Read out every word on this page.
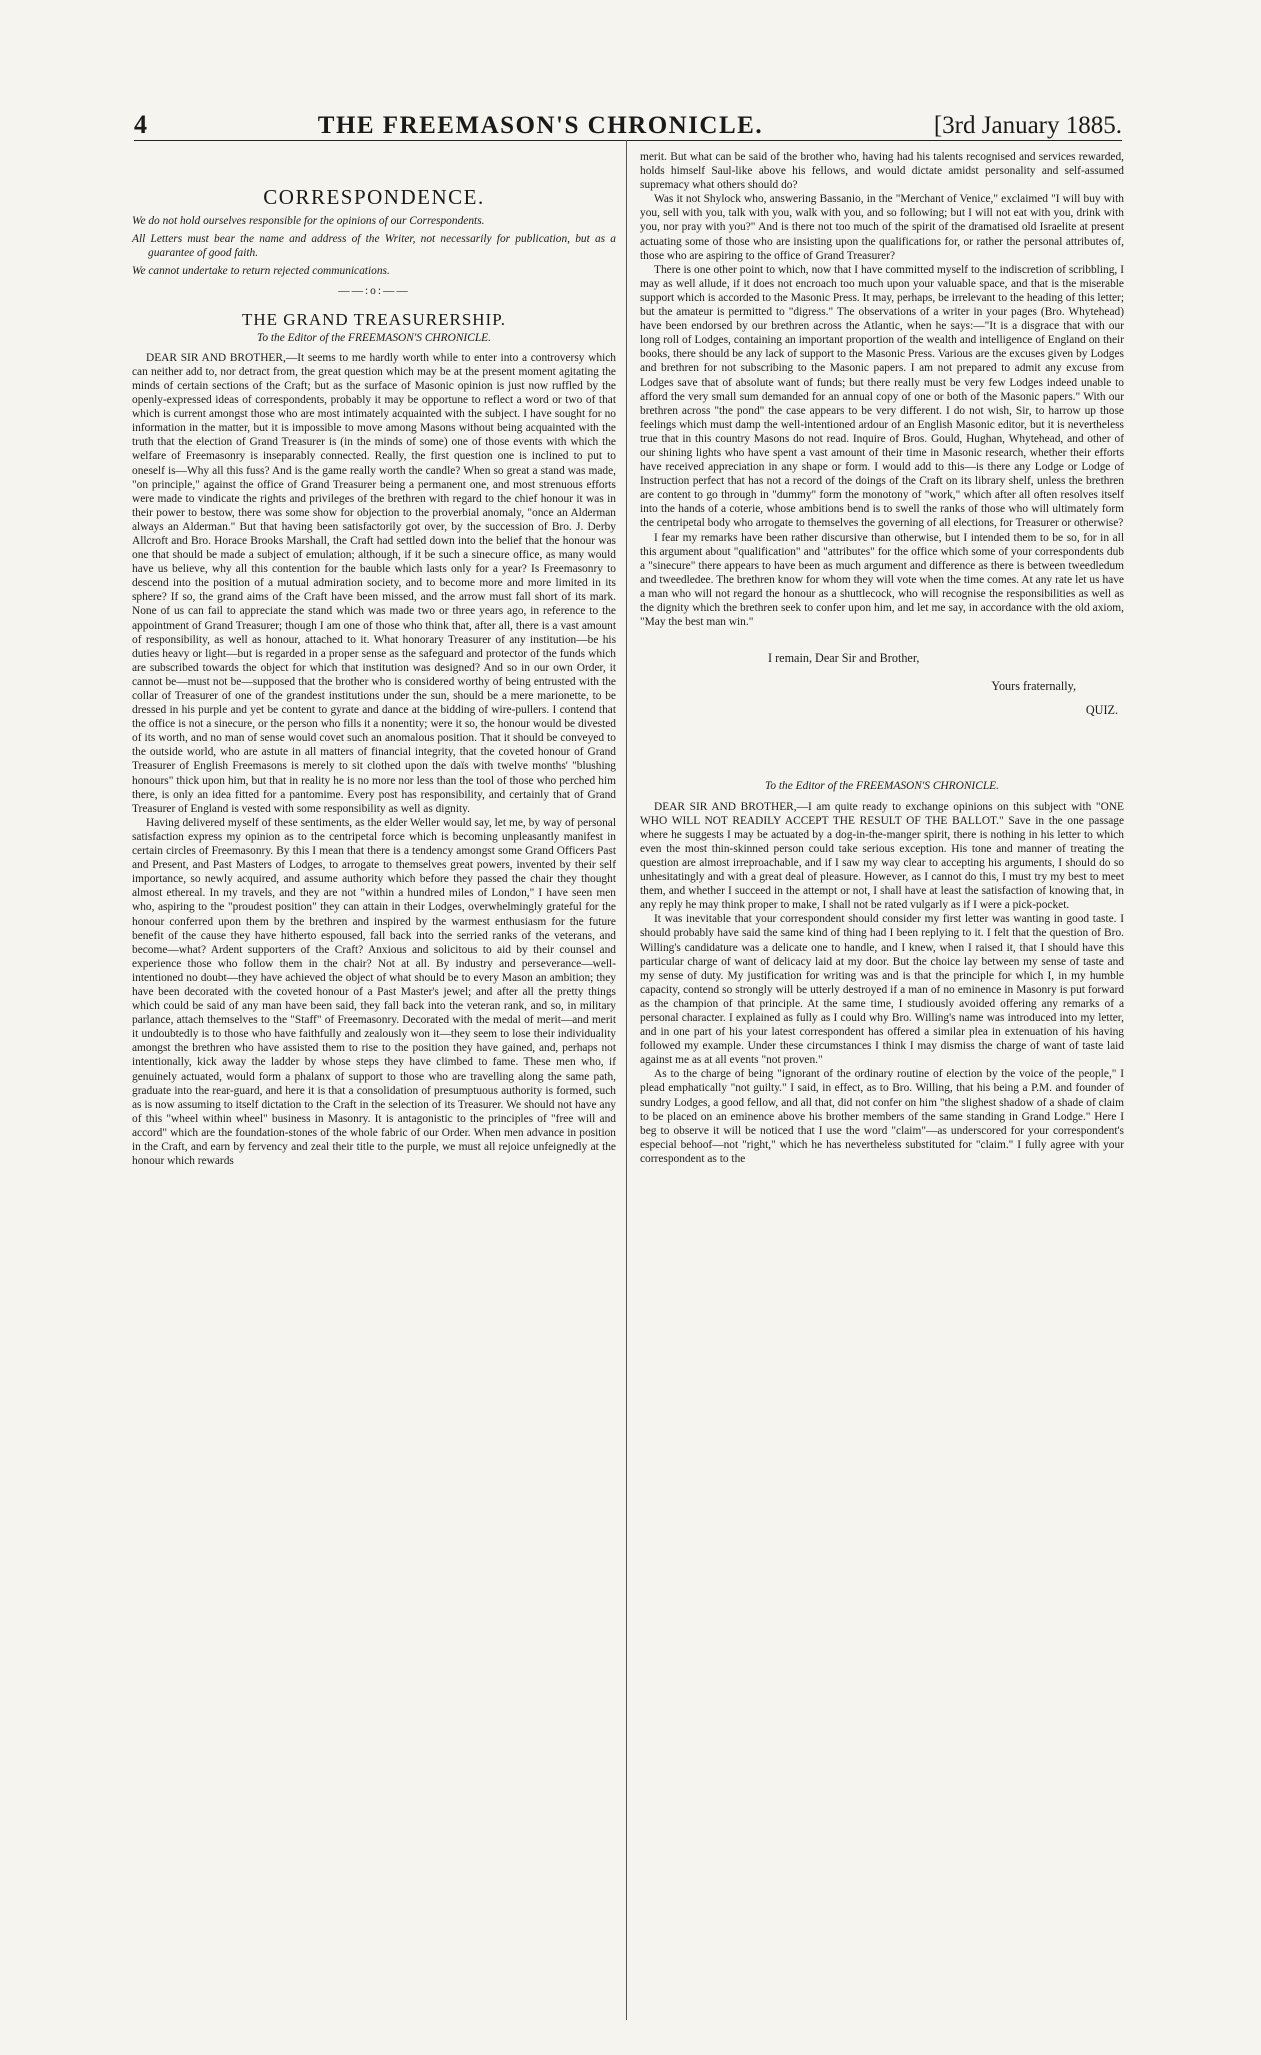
4	THE FREEMASON'S CHRONICLE.	[3rd January 1885.
CORRESPONDENCE.

We do not hold ourselves responsible for the opinions of our Correspondents.

All Letters must bear the name and address of the Writer, not necessarily for publication, but as a guarantee of good faith.

We cannot undertake to return rejected communications.

——:o:——
THE GRAND TREASURERSHIP.
To the Editor of the FREEMASON'S CHRONICLE.

DEAR SIR AND BROTHER,—It seems to me hardly worth while to enter into a controversy which can neither add to, nor detract from, the great question which may be at the present moment agitating the minds of certain sections of the Craft; but as the surface of Masonic opinion is just now ruffled by the openly-expressed ideas of correspondents, probably it may be opportune to reflect a word or two of that which is current amongst those who are most intimately acquainted with the subject. I have sought for no information in the matter, but it is impossible to move among Masons without being acquainted with the truth that the election of Grand Treasurer is (in the minds of some) one of those events with which the welfare of Freemasonry is inseparably connected. Really, the first question one is inclined to put to oneself is—Why all this fuss? And is the game really worth the candle? When so great a stand was made, "on principle," against the office of Grand Treasurer being a permanent one, and most strenuous efforts were made to vindicate the rights and privileges of the brethren with regard to the chief honour it was in their power to bestow, there was some show for objection to the proverbial anomaly, "once an Alderman always an Alderman." But that having been satisfactorily got over, by the succession of Bro. J. Derby Allcroft and Bro. Horace Brooks Marshall, the Craft had settled down into the belief that the honour was one that should be made a subject of emulation; although, if it be such a sinecure office, as many would have us believe, why all this contention for the bauble which lasts only for a year? Is Freemasonry to descend into the position of a mutual admiration society, and to become more and more limited in its sphere? If so, the grand aims of the Craft have been missed, and the arrow must fall short of its mark. None of us can fail to appreciate the stand which was made two or three years ago, in reference to the appointment of Grand Treasurer; though I am one of those who think that, after all, there is a vast amount of responsibility, as well as honour, attached to it. What honorary Treasurer of any institution—be his duties heavy or light—but is regarded in a proper sense as the safeguard and protector of the funds which are subscribed towards the object for which that institution was designed? And so in our own Order, it cannot be—must not be—supposed that the brother who is considered worthy of being entrusted with the collar of Treasurer of one of the grandest institutions under the sun, should be a mere marionette, to be dressed in his purple and yet be content to gyrate and dance at the bidding of wire-pullers. I contend that the office is not a sinecure, or the person who fills it a nonentity; were it so, the honour would be divested of its worth, and no man of sense would covet such an anomalous position. That it should be conveyed to the outside world, who are astute in all matters of financial integrity, that the coveted honour of Grand Treasurer of English Freemasons is merely to sit clothed upon the daïs with twelve months' "blushing honours" thick upon him, but that in reality he is no more nor less than the tool of those who perched him there, is only an idea fitted for a pantomime. Every post has responsibility, and certainly that of Grand Treasurer of England is vested with some responsibility as well as dignity.

Having delivered myself of these sentiments, as the elder Weller would say, let me, by way of personal satisfaction express my opinion as to the centripetal force which is becoming unpleasantly manifest in certain circles of Freemasonry. By this I mean that there is a tendency amongst some Grand Officers Past and Present, and Past Masters of Lodges, to arrogate to themselves great powers, invented by their self importance, so newly acquired, and assume authority which before they passed the chair they thought almost ethereal. In my travels, and they are not "within a hundred miles of London," I have seen men who, aspiring to the "proudest position" they can attain in their Lodges, overwhelmingly grateful for the honour conferred upon them by the brethren and inspired by the warmest enthusiasm for the future benefit of the cause they have hitherto espoused, fall back into the serried ranks of the veterans, and become—what? Ardent supporters of the Craft? Anxious and solicitous to aid by their counsel and experience those who follow them in the chair? Not at all. By industry and perseverance—well-intentioned no doubt—they have achieved the object of what should be to every Mason an ambition; they have been decorated with the coveted honour of a Past Master's jewel; and after all the pretty things which could be said of any man have been said, they fall back into the veteran rank, and so, in military parlance, attach themselves to the "Staff" of Freemasonry. Decorated with the medal of merit—and merit it undoubtedly is to those who have faithfully and zealously won it—they seem to lose their individuality amongst the brethren who have assisted them to rise to the position they have gained, and, perhaps not intentionally, kick away the ladder by whose steps they have climbed to fame. These men who, if genuinely actuated, would form a phalanx of support to those who are travelling along the same path, graduate into the rear-guard, and here it is that a consolidation of presumptuous authority is formed, such as is now assuming to itself dictation to the Craft in the selection of its Treasurer. We should not have any of this "wheel within wheel" business in Masonry. It is antagonistic to the principles of "free will and accord" which are the foundation-stones of the whole fabric of our Order. When men advance in position in the Craft, and earn by fervency and zeal their title to the purple, we must all rejoice unfeignedly at the honour which rewards

merit. But what can be said of the brother who, having had his talents recognised and services rewarded, holds himself Saul-like above his fellows, and would dictate amidst personality and self-assumed supremacy what others should do?

Was it not Shylock who, answering Bassanio, in the "Merchant of Venice," exclaimed "I will buy with you, sell with you, talk with you, walk with you, and so following; but I will not eat with you, drink with you, nor pray with you?" And is there not too much of the spirit of the dramatised old Israelite at present actuating some of those who are insisting upon the qualifications for, or rather the personal attributes of, those who are aspiring to the office of Grand Treasurer?

There is one other point to which, now that I have committed myself to the indiscretion of scribbling, I may as well allude, if it does not encroach too much upon your valuable space, and that is the miserable support which is accorded to the Masonic Press. It may, perhaps, be irrelevant to the heading of this letter; but the amateur is permitted to "digress." The observations of a writer in your pages (Bro. Whytehead) have been endorsed by our brethren across the Atlantic, when he says:—"It is a disgrace that with our long roll of Lodges, containing an important proportion of the wealth and intelligence of England on their books, there should be any lack of support to the Masonic Press. Various are the excuses given by Lodges and brethren for not subscribing to the Masonic papers. I am not prepared to admit any excuse from Lodges save that of absolute want of funds; but there really must be very few Lodges indeed unable to afford the very small sum demanded for an annual copy of one or both of the Masonic papers." With our brethren across "the pond" the case appears to be very different. I do not wish, Sir, to harrow up those feelings which must damp the well-intentioned ardour of an English Masonic editor, but it is nevertheless true that in this country Masons do not read. Inquire of Bros. Gould, Hughan, Whytehead, and other of our shining lights who have spent a vast amount of their time in Masonic research, whether their efforts have received appreciation in any shape or form. I would add to this—is there any Lodge or Lodge of Instruction perfect that has not a record of the doings of the Craft on its library shelf, unless the brethren are content to go through in "dummy" form the monotony of "work," which after all often resolves itself into the hands of a coterie, whose ambitions bend is to swell the ranks of those who will ultimately form the centripetal body who arrogate to themselves the governing of all elections, for Treasurer or otherwise?

I fear my remarks have been rather discursive than otherwise, but I intended them to be so, for in all this argument about "qualification" and "attributes" for the office which some of your correspondents dub a "sinecure" there appears to have been as much argument and difference as there is between tweedledum and tweedledee. The brethren know for whom they will vote when the time comes. At any rate let us have a man who will not regard the honour as a shuttlecock, who will recognise the responsibilities as well as the dignity which the brethren seek to confer upon him, and let me say, in accordance with the old axiom, "May the best man win."

I remain, Dear Sir and Brother,

Yours fraternally,

QUIZ.

To the Editor of the FREEMASON'S CHRONICLE.

DEAR SIR AND BROTHER,—I am quite ready to exchange opinions on this subject with "ONE WHO WILL NOT READILY ACCEPT THE RESULT OF THE BALLOT." Save in the one passage where he suggests I may be actuated by a dog-in-the-manger spirit, there is nothing in his letter to which even the most thin-skinned person could take serious exception. His tone and manner of treating the question are almost irreproachable, and if I saw my way clear to accepting his arguments, I should do so unhesitatingly and with a great deal of pleasure. However, as I cannot do this, I must try my best to meet them, and whether I succeed in the attempt or not, I shall have at least the satisfaction of knowing that, in any reply he may think proper to make, I shall not be rated vulgarly as if I were a pick-pocket.

It was inevitable that your correspondent should consider my first letter was wanting in good taste. I should probably have said the same kind of thing had I been replying to it. I felt that the question of Bro. Willing's candidature was a delicate one to handle, and I knew, when I raised it, that I should have this particular charge of want of delicacy laid at my door. But the choice lay between my sense of taste and my sense of duty. My justification for writing was and is that the principle for which I, in my humble capacity, contend so strongly will be utterly destroyed if a man of no eminence in Masonry is put forward as the champion of that principle. At the same time, I studiously avoided offering any remarks of a personal character. I explained as fully as I could why Bro. Willing's name was introduced into my letter, and in one part of his your latest correspondent has offered a similar plea in extenuation of his having followed my example. Under these circumstances I think I may dismiss the charge of want of taste laid against me as at all events "not proven."

As to the charge of being "ignorant of the ordinary routine of election by the voice of the people," I plead emphatically "not guilty." I said, in effect, as to Bro. Willing, that his being a P.M. and founder of sundry Lodges, a good fellow, and all that, did not confer on him "the slighest shadow of a shade of claim to be placed on an eminence above his brother members of the same standing in Grand Lodge." Here I beg to observe it will be noticed that I use the word "claim"—as underscored for your correspondent's especial behoof—not "right," which he has nevertheless substituted for "claim." I fully agree with your correspondent as to the
